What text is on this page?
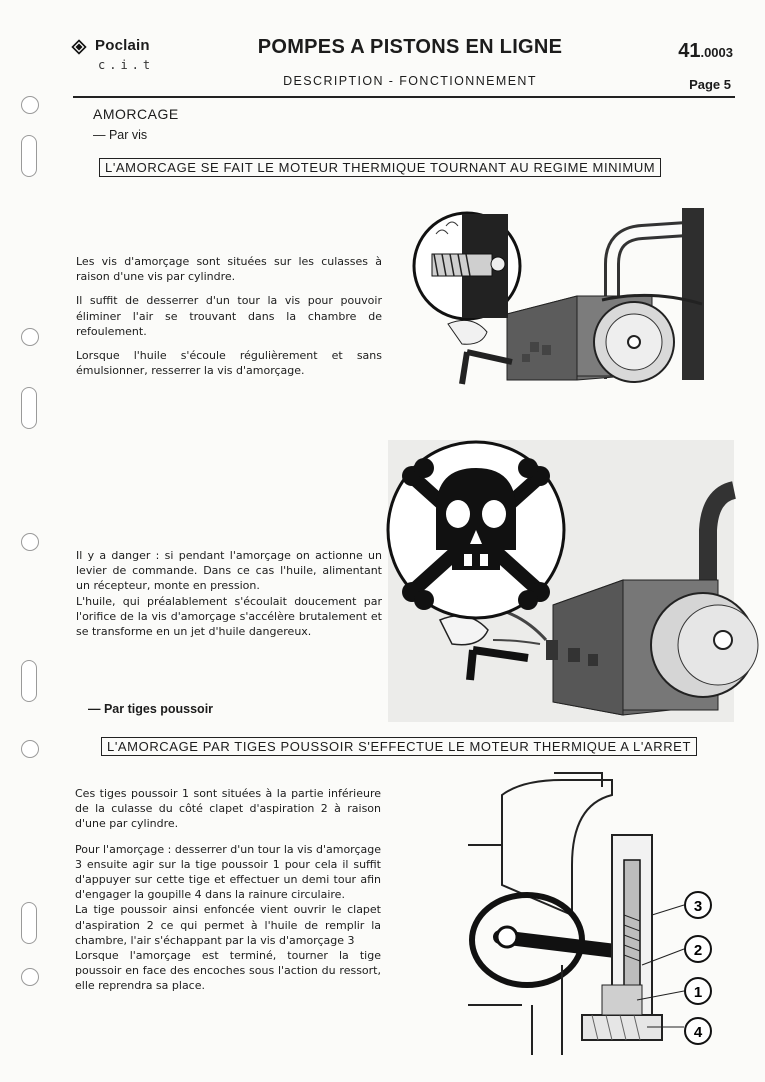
Poclain
c.i.t
POMPES A PISTONS EN LIGNE
DESCRIPTION - FONCTIONNEMENT
41.0003
Page 5
AMORCAGE
— Par vis
L'AMORCAGE SE FAIT LE MOTEUR THERMIQUE TOURNANT AU REGIME MINIMUM

Les vis d'amorçage sont situées sur les culasses à raison d'une vis par cylindre.

Il suffit de desserrer d'un tour la vis pour pouvoir éliminer l'air se trouvant dans la chambre de refoulement.

Lorsque l'huile s'écoule régulièrement et sans émulsionner, resserrer la vis d'amorçage.

Il y a danger : si pendant l'amorçage on actionne un levier de commande. Dans ce cas l'huile, alimentant un récepteur, monte en pression.

L'huile, qui préalablement s'écoulait doucement par l'orifice de la vis d'amorçage s'accélère brutalement et se transforme en un jet d'huile dangereux.

— Par tiges poussoir
L'AMORCAGE PAR TIGES POUSSOIR S'EFFECTUE LE MOTEUR THERMIQUE A L'ARRET

Ces tiges poussoir 1 sont situées à la partie inférieure de la culasse du côté clapet d'aspiration 2 à raison d'une par cylindre.

Pour l'amorçage : desserrer d'un tour la vis d'amorçage 3 ensuite agir sur la tige poussoir 1 pour cela il suffit d'appuyer sur cette tige et effectuer un demi tour afin d'engager la goupille 4 dans la rainure circulaire.

La tige poussoir ainsi enfoncée vient ouvrir le clapet d'aspiration 2 ce qui permet à l'huile de remplir la chambre, l'air s'échappant par la vis d'amorçage 3

Lorsque l'amorçage est terminé, tourner la tige poussoir en face des encoches sous l'action du ressort, elle reprendra sa place.

3
2
1
4
